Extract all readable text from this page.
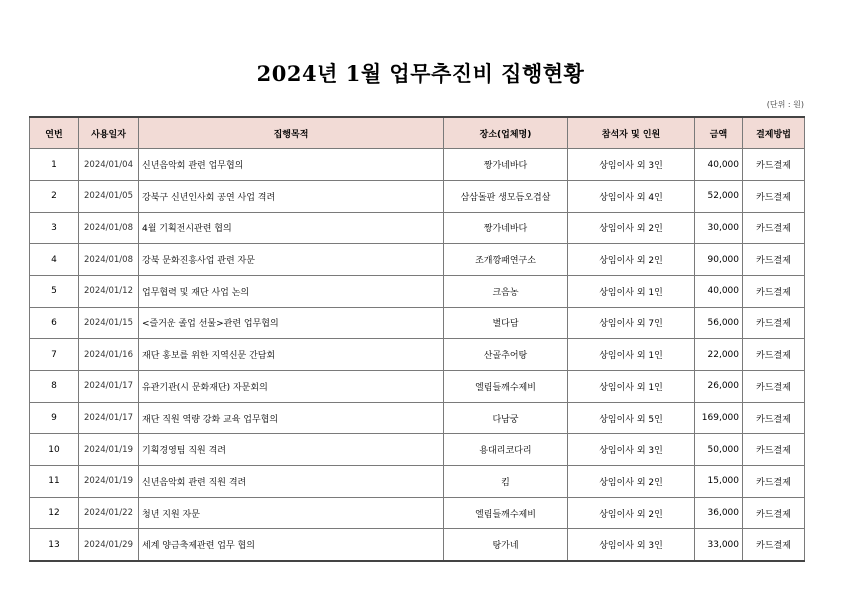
2024년 1월 업무추진비 집행현황
(단위 : 원)
연번	사용일자	집행목적	장소(업체명)	참석자 및 인원	금액	결제방법
1	2024/01/04	신년음악회 관련 업무협의	짱가네바다	상임이사 외 3인	40,000	카드결제
2	2024/01/05	강북구 신년인사회 공연 사업 격려	삼삼돌판 생모듬오겹살	상임이사 외 4인	52,000	카드결제
3	2024/01/08	4월 기획전시관련 협의	짱가네바다	상임이사 외 2인	30,000	카드결제
4	2024/01/08	강북 문화진흥사업 관련 자문	조개깡패연구소	상임이사 외 2인	90,000	카드결제
5	2024/01/12	업무협력 및 재단 사업 논의	크음농	상임이사 외 1인	40,000	카드결제
6	2024/01/15	<즐거운 졸업 선물>관련 업무협의	별다담	상임이사 외 7인	56,000	카드결제
7	2024/01/16	재단 홍보를 위한 지역신문 간담회	산골추어탕	상임이사 외 1인	22,000	카드결제
8	2024/01/17	유관기관(시 문화재단) 자문회의	엘림들깨수제비	상임이사 외 1인	26,000	카드결제
9	2024/01/17	재단 직원 역량 강화 교육 업무협의	다남궁	상임이사 외 5인	169,000	카드결제
10	2024/01/19	기획경영팀 직원 격려	용대리코다리	상임이사 외 3인	50,000	카드결제
11	2024/01/19	신년음악회 관련 직원 격려	킴	상임이사 외 2인	15,000	카드결제
12	2024/01/22	청년 지원 자문	엘림들깨수제비	상임이사 외 2인	36,000	카드결제
13	2024/01/29	세계 양금축제관련 업무 협의	탕가네	상임이사 외 3인	33,000	카드결제
